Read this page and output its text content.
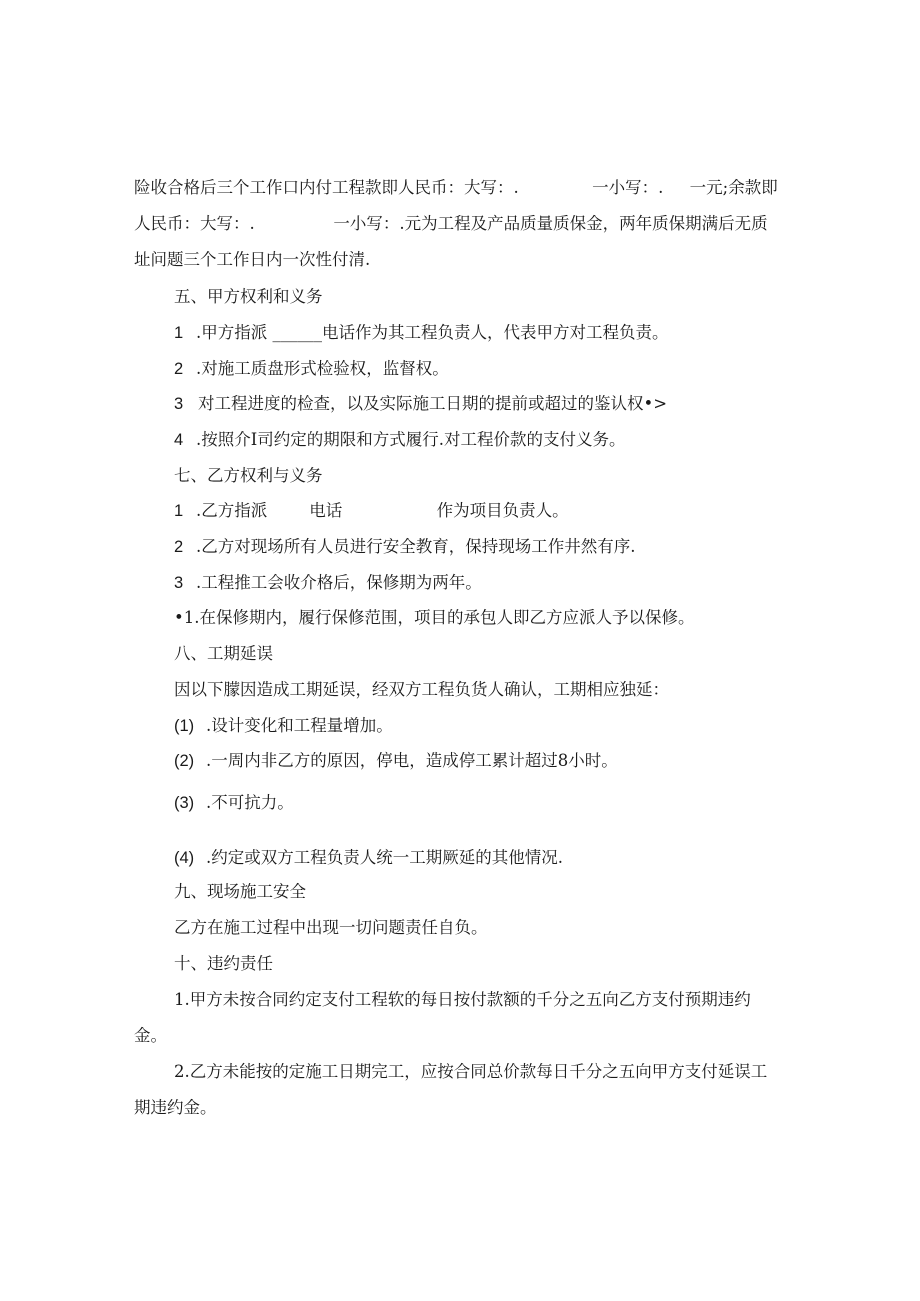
险收合格后三个工作口内付工程款即人民币：大写：.              一小写：.     一元;余款即
人民币：大写：.               一小写：.元为工程及产品质量质保金，两年质保期满后无质
址问题三个工作日内一次性付清.
五、甲方权利和义务
1 .甲方指派 ______电话作为其工程负责人，代表甲方对工程负责。
2 .对施工质盘形式检验权，监督权。
3 对工程进度的检查，以及实际施工日期的提前或超过的鉴认权•>
4 .按照介I司约定的期限和方式履行.对工程价款的支付义务。
七、乙方权利与义务
1 .乙方指派        电话                  作为项目负责人。
2 .乙方对现场所有人员进行安全教育，保持现场工作井然有序.
3 .工程推工会收介格后，保修期为两年。
•1.在保修期内，履行保修范围，项目的承包人即乙方应派人予以保修。
八、工期延误
因以下朦因造成工期延误，经双方工程负货人确认，工期相应独延：
(1) .设计变化和工程量增加。
(2) .一周内非乙方的原因，停电，造成停工累计超过8小时。
(3) .不可抗力。
(4) .约定或双方工程负责人统一工期厥延的其他情况.
九、现场施工安全
乙方在施工过程中出现一切问题责任自负。
十、违约责任
1.甲方未按合同约定支付工程软的每日按付款额的千分之五向乙方支付预期违约
金。
2.乙方未能按的定施工日期完工，应按合同总价款每日千分之五向甲方支付延误工
期违约金。
